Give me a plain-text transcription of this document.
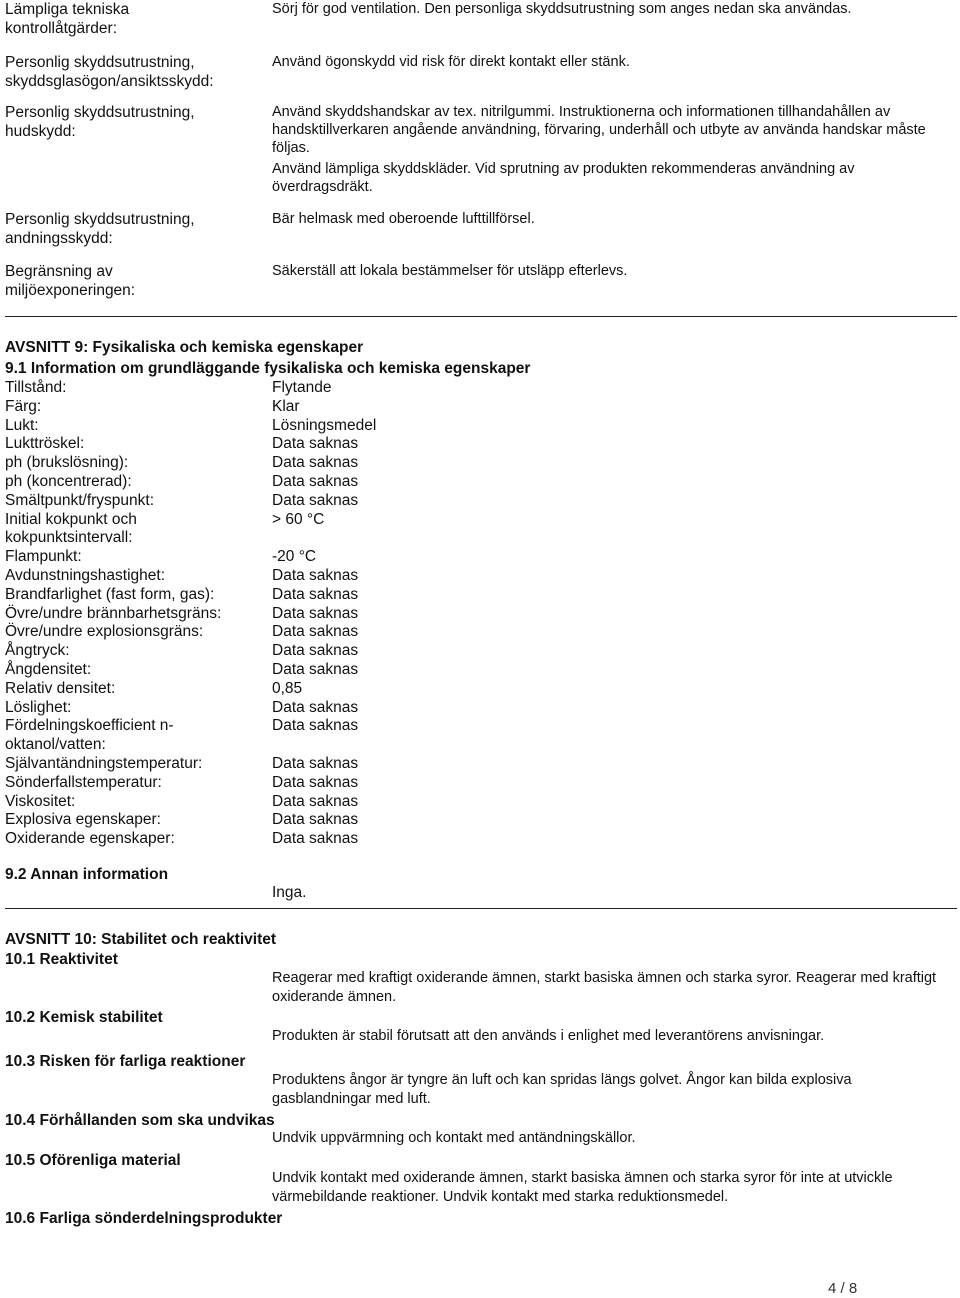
Lämpliga tekniska kontrollåtgärder:
Sörj för god ventilation. Den personliga skyddsutrustning som anges nedan ska användas.
Personlig skyddsutrustning, skyddsglasögon/ansiktsskydd:
Använd ögonskydd vid risk för direkt kontakt eller stänk.
Personlig skyddsutrustning, hudskydd:
Använd skyddshandskar av tex. nitrilgummi. Instruktionerna och informationen tillhandahållen av handsktillverkaren angående användning, förvaring, underhåll och utbyte av använda handskar måste följas.
Använd lämpliga skyddskläder. Vid sprutning av produkten rekommenderas användning av överdragsdräkt.
Personlig skyddsutrustning, andningsskydd:
Bär helmask med oberoende lufttillförsel.
Begränsning av miljöexponeringen:
Säkerställ att lokala bestämmelser för utsläpp efterlevs.
AVSNITT 9: Fysikaliska och kemiska egenskaper
9.1 Information om grundläggande fysikaliska och kemiska egenskaper
Tillstånd:	Flytande
Färg:	Klar
Lukt:	Lösningsmedel
Lukttröskel:	Data saknas
ph (brukslösning):	Data saknas
ph (koncentrerad):	Data saknas
Smältpunkt/fryspunkt:	Data saknas
Initial kokpunkt och kokpunktsintervall:
> 60 °C
Flampunkt:	-20 °C
Avdunstningshastighet:	Data saknas
Brandfarlighet (fast form, gas):	Data saknas
Övre/undre brännbarhetsgräns:	Data saknas
Övre/undre explosionsgräns:	Data saknas
Ångtryck:	Data saknas
Ångdensitet:	Data saknas
Relativ densitet:	0,85
Löslighet:	Data saknas
Fördelningskoefficient n-oktanol/vatten:
Data saknas
Självantändningstemperatur:	Data saknas
Sönderfallstemperatur:	Data saknas
Viskositet:	Data saknas
Explosiva egenskaper:	Data saknas
Oxiderande egenskaper:	Data saknas
9.2 Annan information
Inga.
AVSNITT 10: Stabilitet och reaktivitet
10.1 Reaktivitet
Reagerar med kraftigt oxiderande ämnen, starkt basiska ämnen och starka syror. Reagerar med kraftigt oxiderande ämnen.
10.2 Kemisk stabilitet
Produkten är stabil förutsatt att den används i enlighet med leverantörens anvisningar.
10.3 Risken för farliga reaktioner
Produktens ångor är tyngre än luft och kan spridas längs golvet. Ångor kan bilda explosiva gasblandningar med luft.
10.4 Förhållanden som ska undvikas
Undvik uppvärmning och kontakt med antändningskällor.
10.5 Oförenliga material
Undvik kontakt med oxiderande ämnen, starkt basiska ämnen och starka syror för inte at utvickle värmebildande reaktioner. Undvik kontakt med starka reduktionsmedel.
10.6 Farliga sönderdelningsprodukter
4 / 8
